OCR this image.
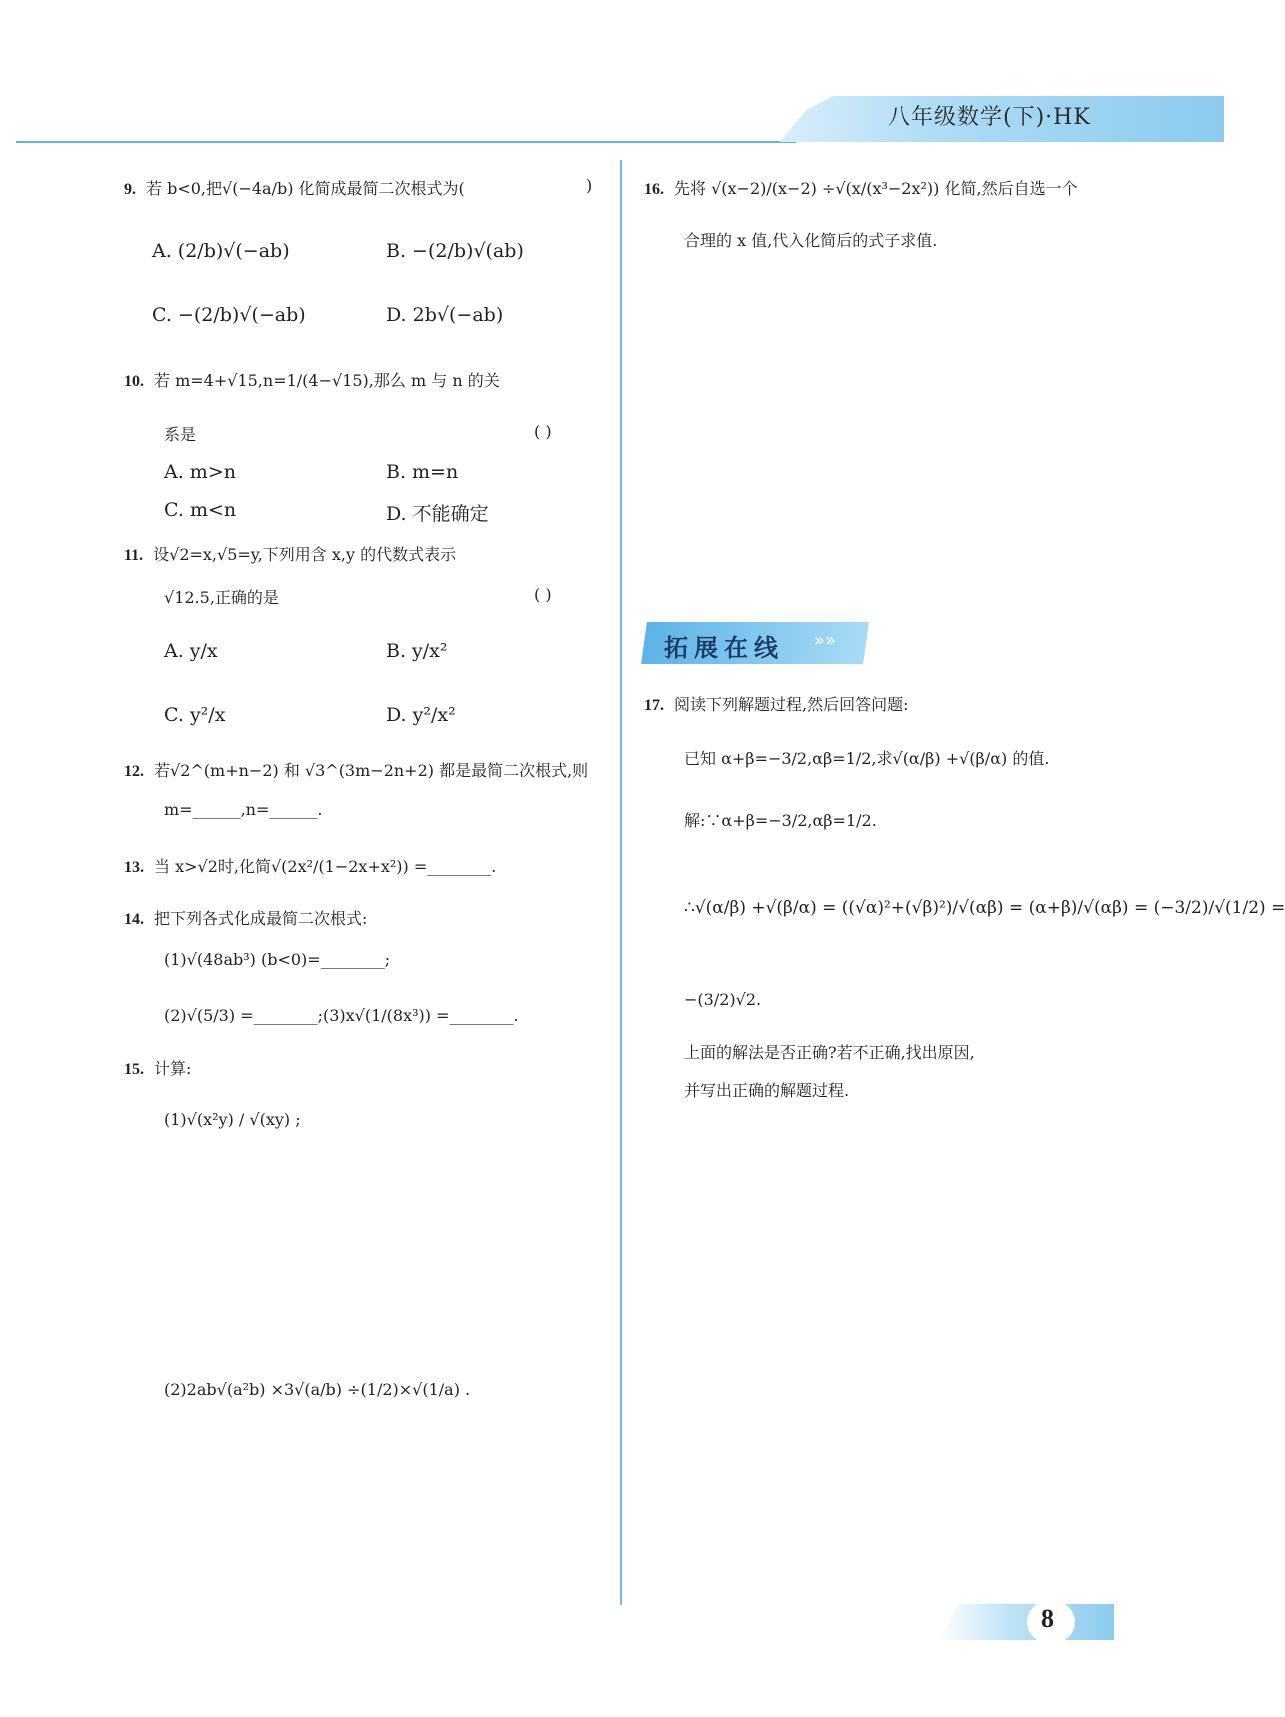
八年级数学(下)·HK
9. 若 b<0,把√(−4a/b) 化简成最简二次根式为(	)
A. (2/b)√(−ab)	B. −(2/b)√(ab)
C. −(2/b)√(−ab)	D. 2b√(−ab)
10. 若 m=4+√15,n=1/(4−√15),那么 m 与 n 的关
系是	( )
A. m>n	B. m=n
C. m<n	D. 不能确定
11. 设√2=x,√5=y,下列用含 x,y 的代数式表示
√12.5,正确的是	( )
A. y/x	B. y/x²
C. y²/x	D. y²/x²
12. 若√2^(m+n−2) 和 √3^(3m−2n+2) 都是最简二次根式,则
m=______,n=______.
13. 当 x>√2时,化简√(2x²/(1−2x+x²)) =________.
14. 把下列各式化成最简二次根式:
(1)√(48ab³) (b<0)=________;
(2)√(5/3) =________;(3)x√(1/(8x³)) =________.
15. 计算:
(1)√(x²y) / √(xy) ;
(2)2ab√(a²b) ×3√(a/b) ÷(1/2)×√(1/a) .
16. 先将 √(x−2)/(x−2) ÷√(x/(x³−2x²)) 化简,然后自选一个
合理的 x 值,代入化简后的式子求值.
拓展在线 »»
17. 阅读下列解题过程,然后回答问题:
已知 α+β=−3/2,αβ=1/2,求√(α/β) +√(β/α) 的值.
解:∵α+β=−3/2,αβ=1/2.
∴√(α/β) +√(β/α) = ((√α)²+(√β)²)/√(αβ) = (α+β)/√(αβ) = (−3/2)/√(1/2) =
−(3/2)√2.
上面的解法是否正确?若不正确,找出原因,
并写出正确的解题过程.
8
